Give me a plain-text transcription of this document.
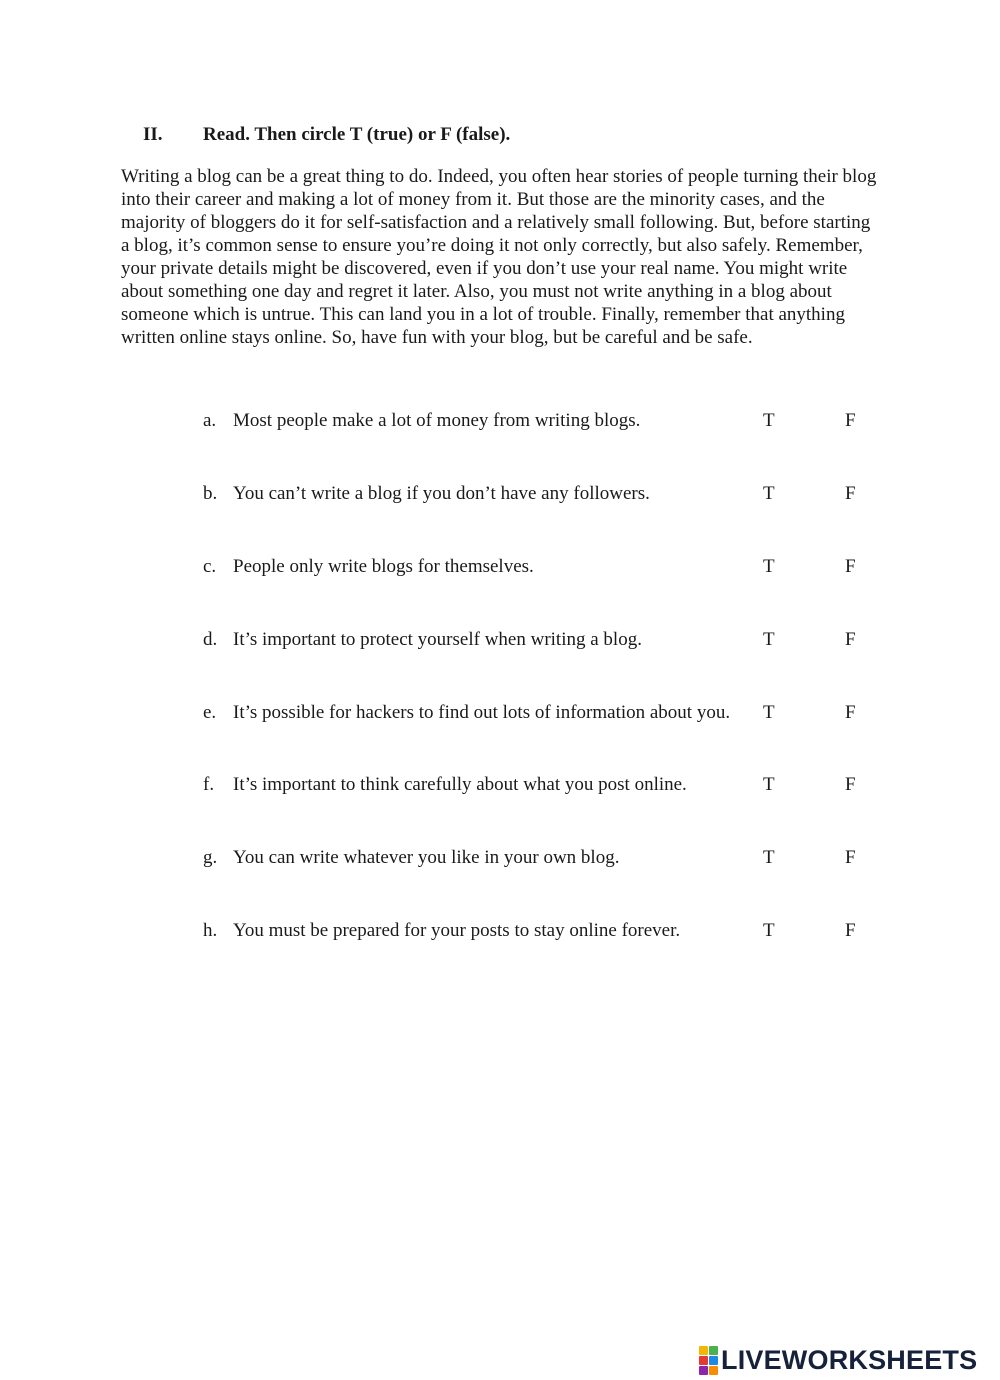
II. Read. Then circle T (true) or F (false).
Writing a blog can be a great thing to do. Indeed, you often hear stories of people turning their blog into their career and making a lot of money from it. But those are the minority cases, and the majority of bloggers do it for self-satisfaction and a relatively small following. But, before starting a blog, it’s common sense to ensure you’re doing it not only correctly, but also safely. Remember, your private details might be discovered, even if you don’t use your real name. You might write about something one day and regret it later. Also, you must not write anything in a blog about someone which is untrue. This can land you in a lot of trouble. Finally, remember that anything written online stays online. So, have fun with your blog, but be careful and be safe.
a. Most people make a lot of money from writing blogs.	T	F
b. You can’t write a blog if you don’t have any followers.	T	F
c. People only write blogs for themselves.	T	F
d. It’s important to protect yourself when writing a blog.	T	F
e. It’s possible for hackers to find out lots of information about you. T	F
f. It’s important to think carefully about what you post online.	T	F
g. You can write whatever you like in your own blog.	T	F
h. You must be prepared for your posts to stay online forever.	T	F
LIVEWORKSHEETS
